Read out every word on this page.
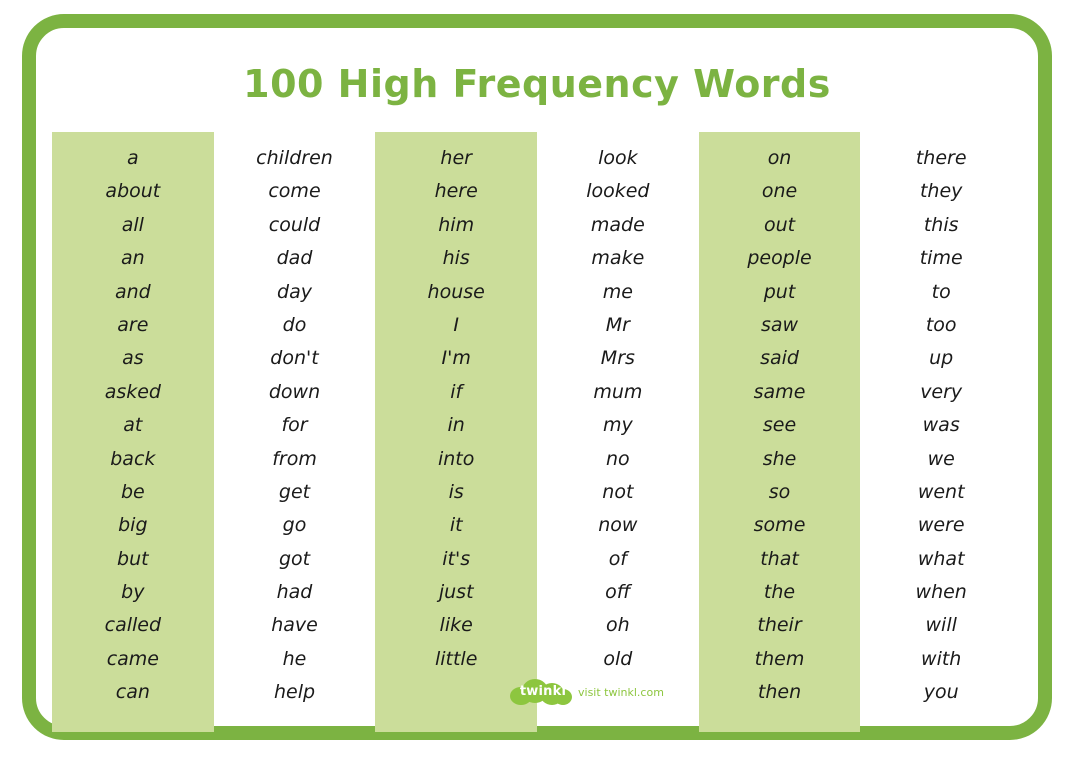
100 High Frequency Words
a
about
all
an
and
are
as
asked
at
back
be
big
but
by
called
came
can
children
come
could
dad
day
do
don't
down
for
from
get
go
got
had
have
he
help
her
here
him
his
house
I
I'm
if
in
into
is
it
it's
just
like
little
look
looked
made
make
me
Mr
Mrs
mum
my
no
not
now
of
off
oh
old
on
one
out
people
put
saw
said
same
see
she
so
some
that
the
their
them
then
there
they
this
time
to
too
up
very
was
we
went
were
what
when
will
with
you
twinkl	visit twinkl.com
